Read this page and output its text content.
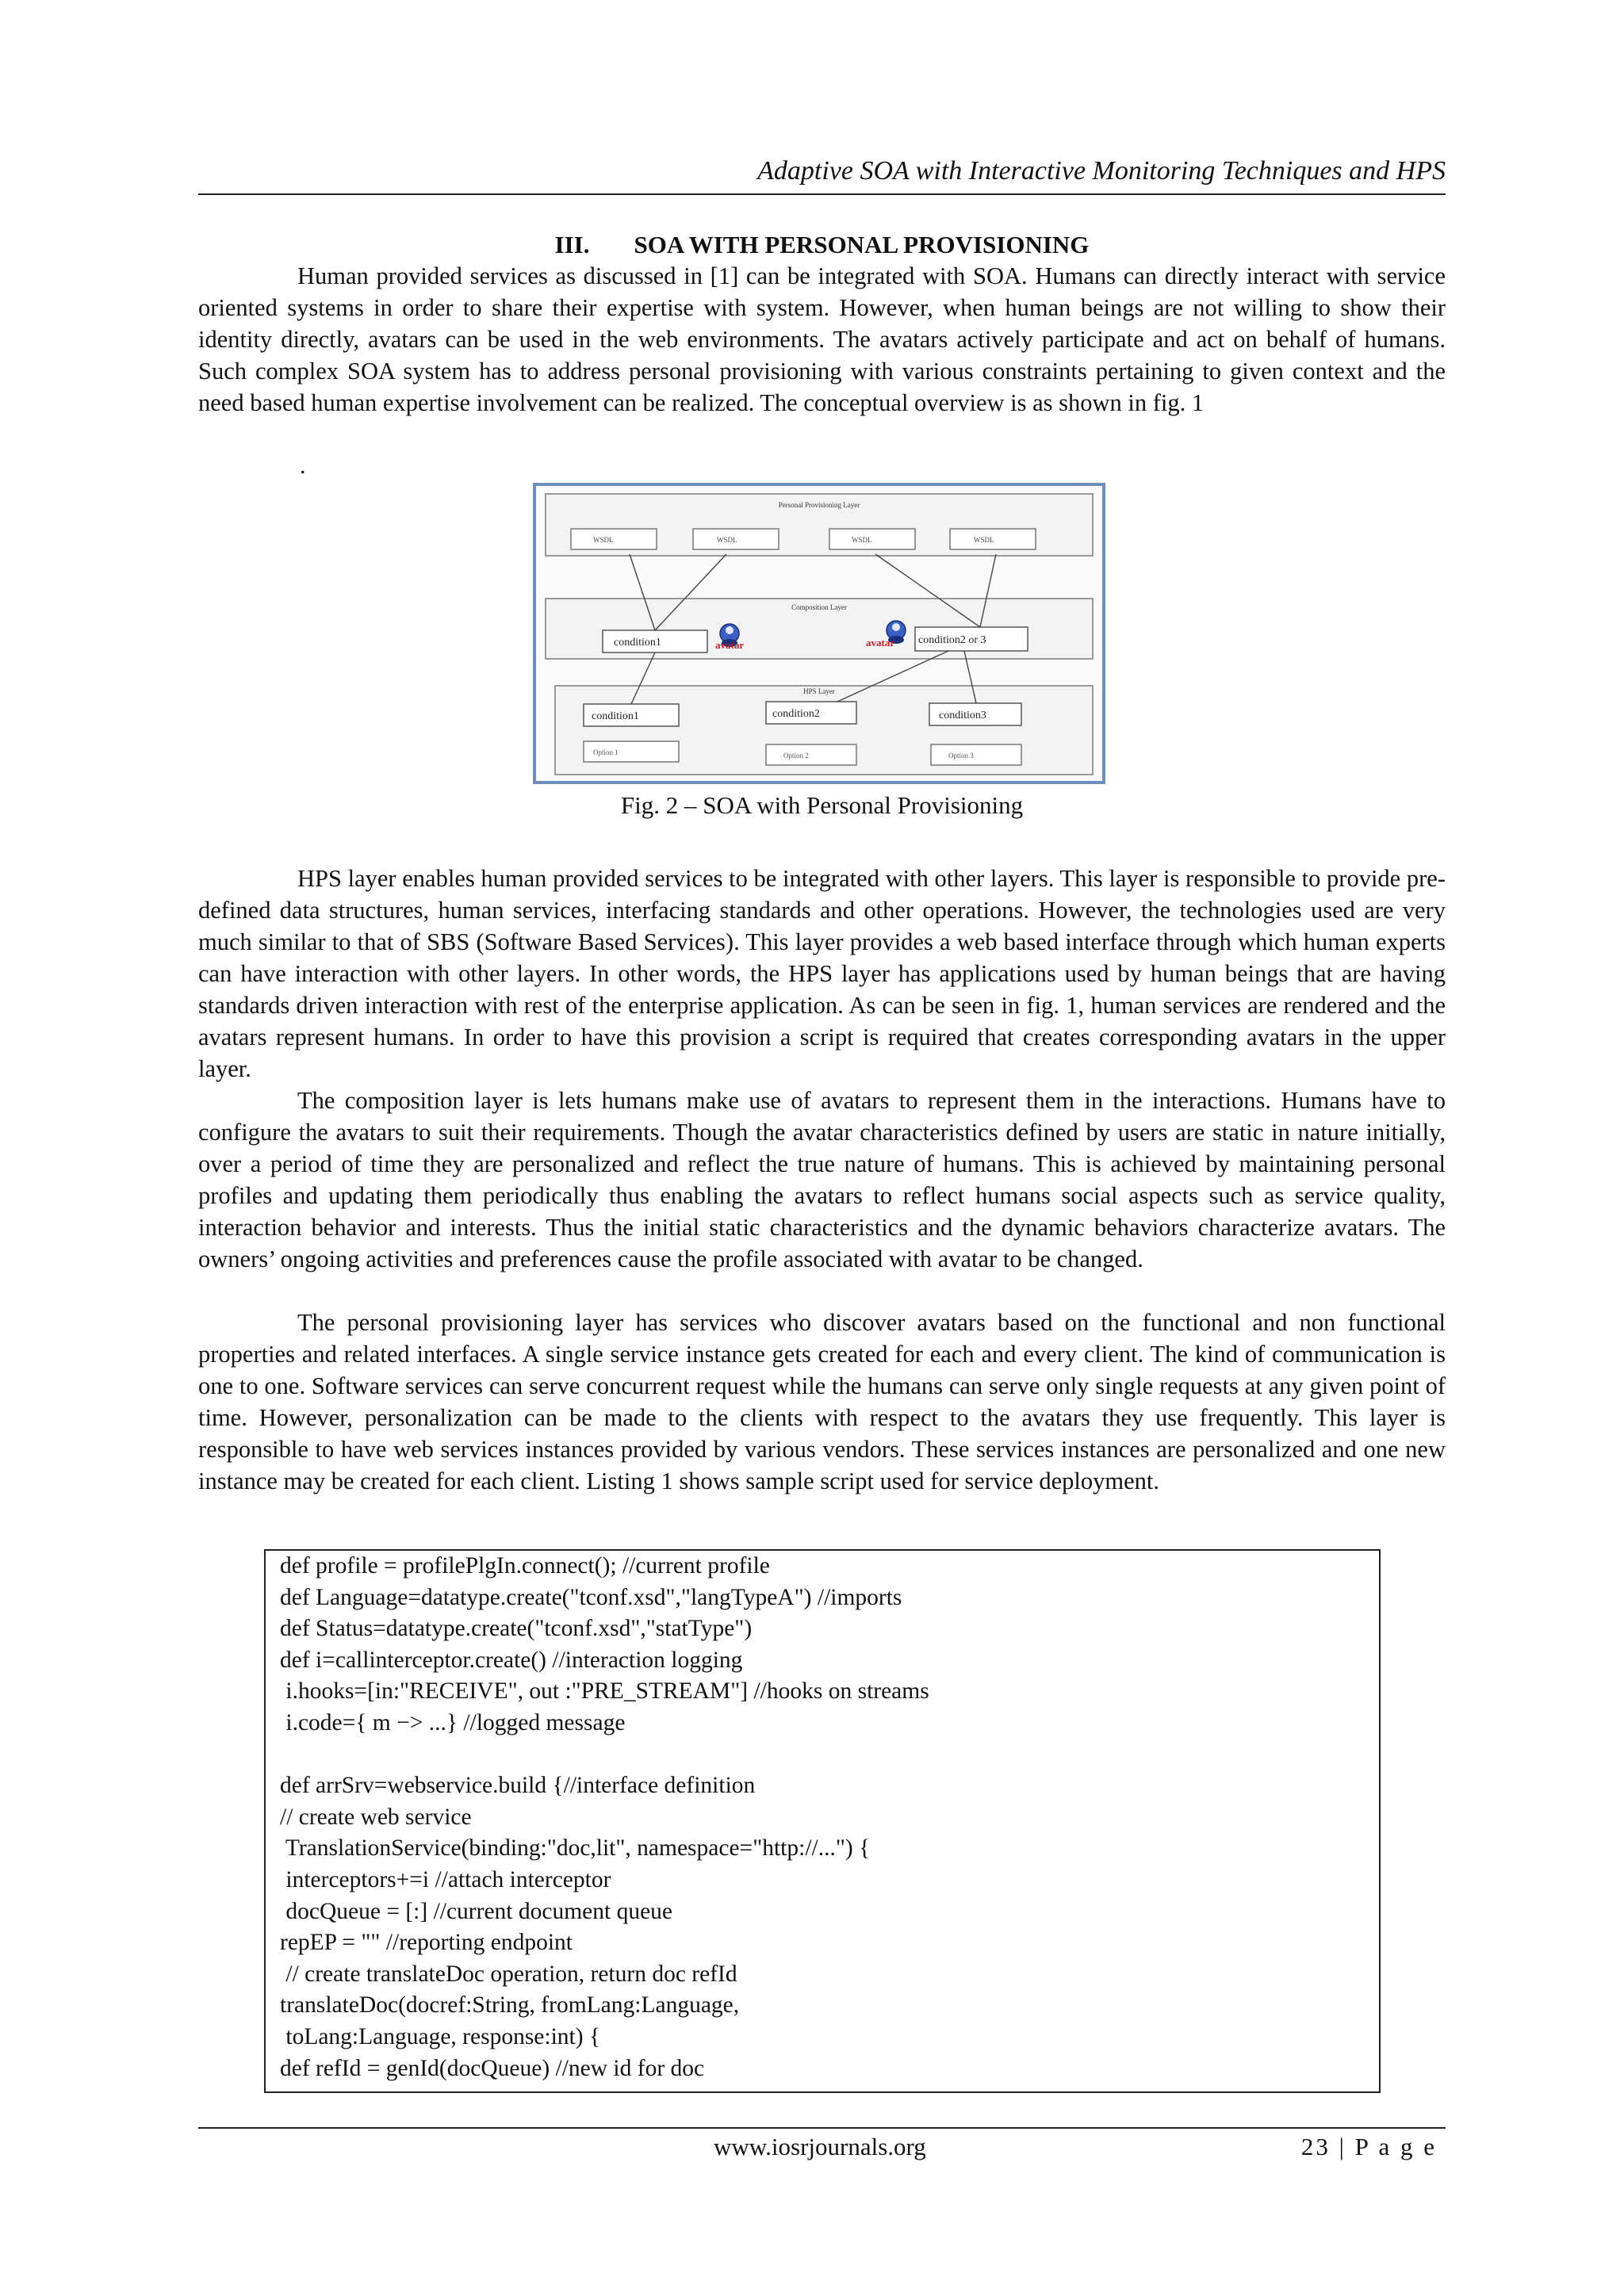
Adaptive SOA with Interactive Monitoring Techniques and HPS
III. SOA WITH PERSONAL PROVISIONING

Human provided services as discussed in [1] can be integrated with SOA. Humans can directly interact with service oriented systems in order to share their expertise with system. However, when human beings are not willing to show their identity directly, avatars can be used in the web environments. The avatars actively participate and act on behalf of humans. Such complex SOA system has to address personal provisioning with various constraints pertaining to given context and the need based human expertise involvement can be realized. The conceptual overview is as shown in fig. 1

.
Personal Provisioning Layer
WSDL	WSDL	WSDL	WSDL
Composition Layer
condition1	condition2 or 3
avatar	avatar
HPS Layer
condition1	condition2	condition3
Option 1	Option 2	Option 3
Fig. 2 – SOA with Personal Provisioning

HPS layer enables human provided services to be integrated with other layers. This layer is responsible to provide pre-defined data structures, human services, interfacing standards and other operations. However, the technologies used are very much similar to that of SBS (Software Based Services). This layer provides a web based interface through which human experts can have interaction with other layers. In other words, the HPS layer has applications used by human beings that are having standards driven interaction with rest of the enterprise application. As can be seen in fig. 1, human services are rendered and the avatars represent humans. In order to have this provision a script is required that creates corresponding avatars in the upper layer.

The composition layer is lets humans make use of avatars to represent them in the interactions. Humans have to configure the avatars to suit their requirements. Though the avatar characteristics defined by users are static in nature initially, over a period of time they are personalized and reflect the true nature of humans. This is achieved by maintaining personal profiles and updating them periodically thus enabling the avatars to reflect humans social aspects such as service quality, interaction behavior and interests. Thus the initial static characteristics and the dynamic behaviors characterize avatars. The owners’ ongoing activities and preferences cause the profile associated with avatar to be changed.

The personal provisioning layer has services who discover avatars based on the functional and non functional properties and related interfaces. A single service instance gets created for each and every client. The kind of communication is one to one. Software services can serve concurrent request while the humans can serve only single requests at any given point of time. However, personalization can be made to the clients with respect to the avatars they use frequently. This layer is responsible to have web services instances provided by various vendors. These services instances are personalized and one new instance may be created for each client. Listing 1 shows sample script used for service deployment.

def profile = profilePlgIn.connect(); //current profile
def Language=datatype.create("tconf.xsd","langTypeA") //imports
def Status=datatype.create("tconf.xsd","statType")
def i=callinterceptor.create() //interaction logging
i.hooks=[in:"RECEIVE", out :"PRE_STREAM"] //hooks on streams
i.code={ m −> ...} //logged message
def arrSrv=webservice.build {//interface definition
// create web service
TranslationService(binding:"doc,lit", namespace="http://...") {
interceptors+=i //attach interceptor
docQueue = [:] //current document queue
repEP = "" //reporting endpoint
// create translateDoc operation, return doc refId
translateDoc(docref:String, fromLang:Language,
toLang:Language, response:int) {
def refId = genId(docQueue) //new id for doc
www.iosrjournals.org	23 | P a g e
